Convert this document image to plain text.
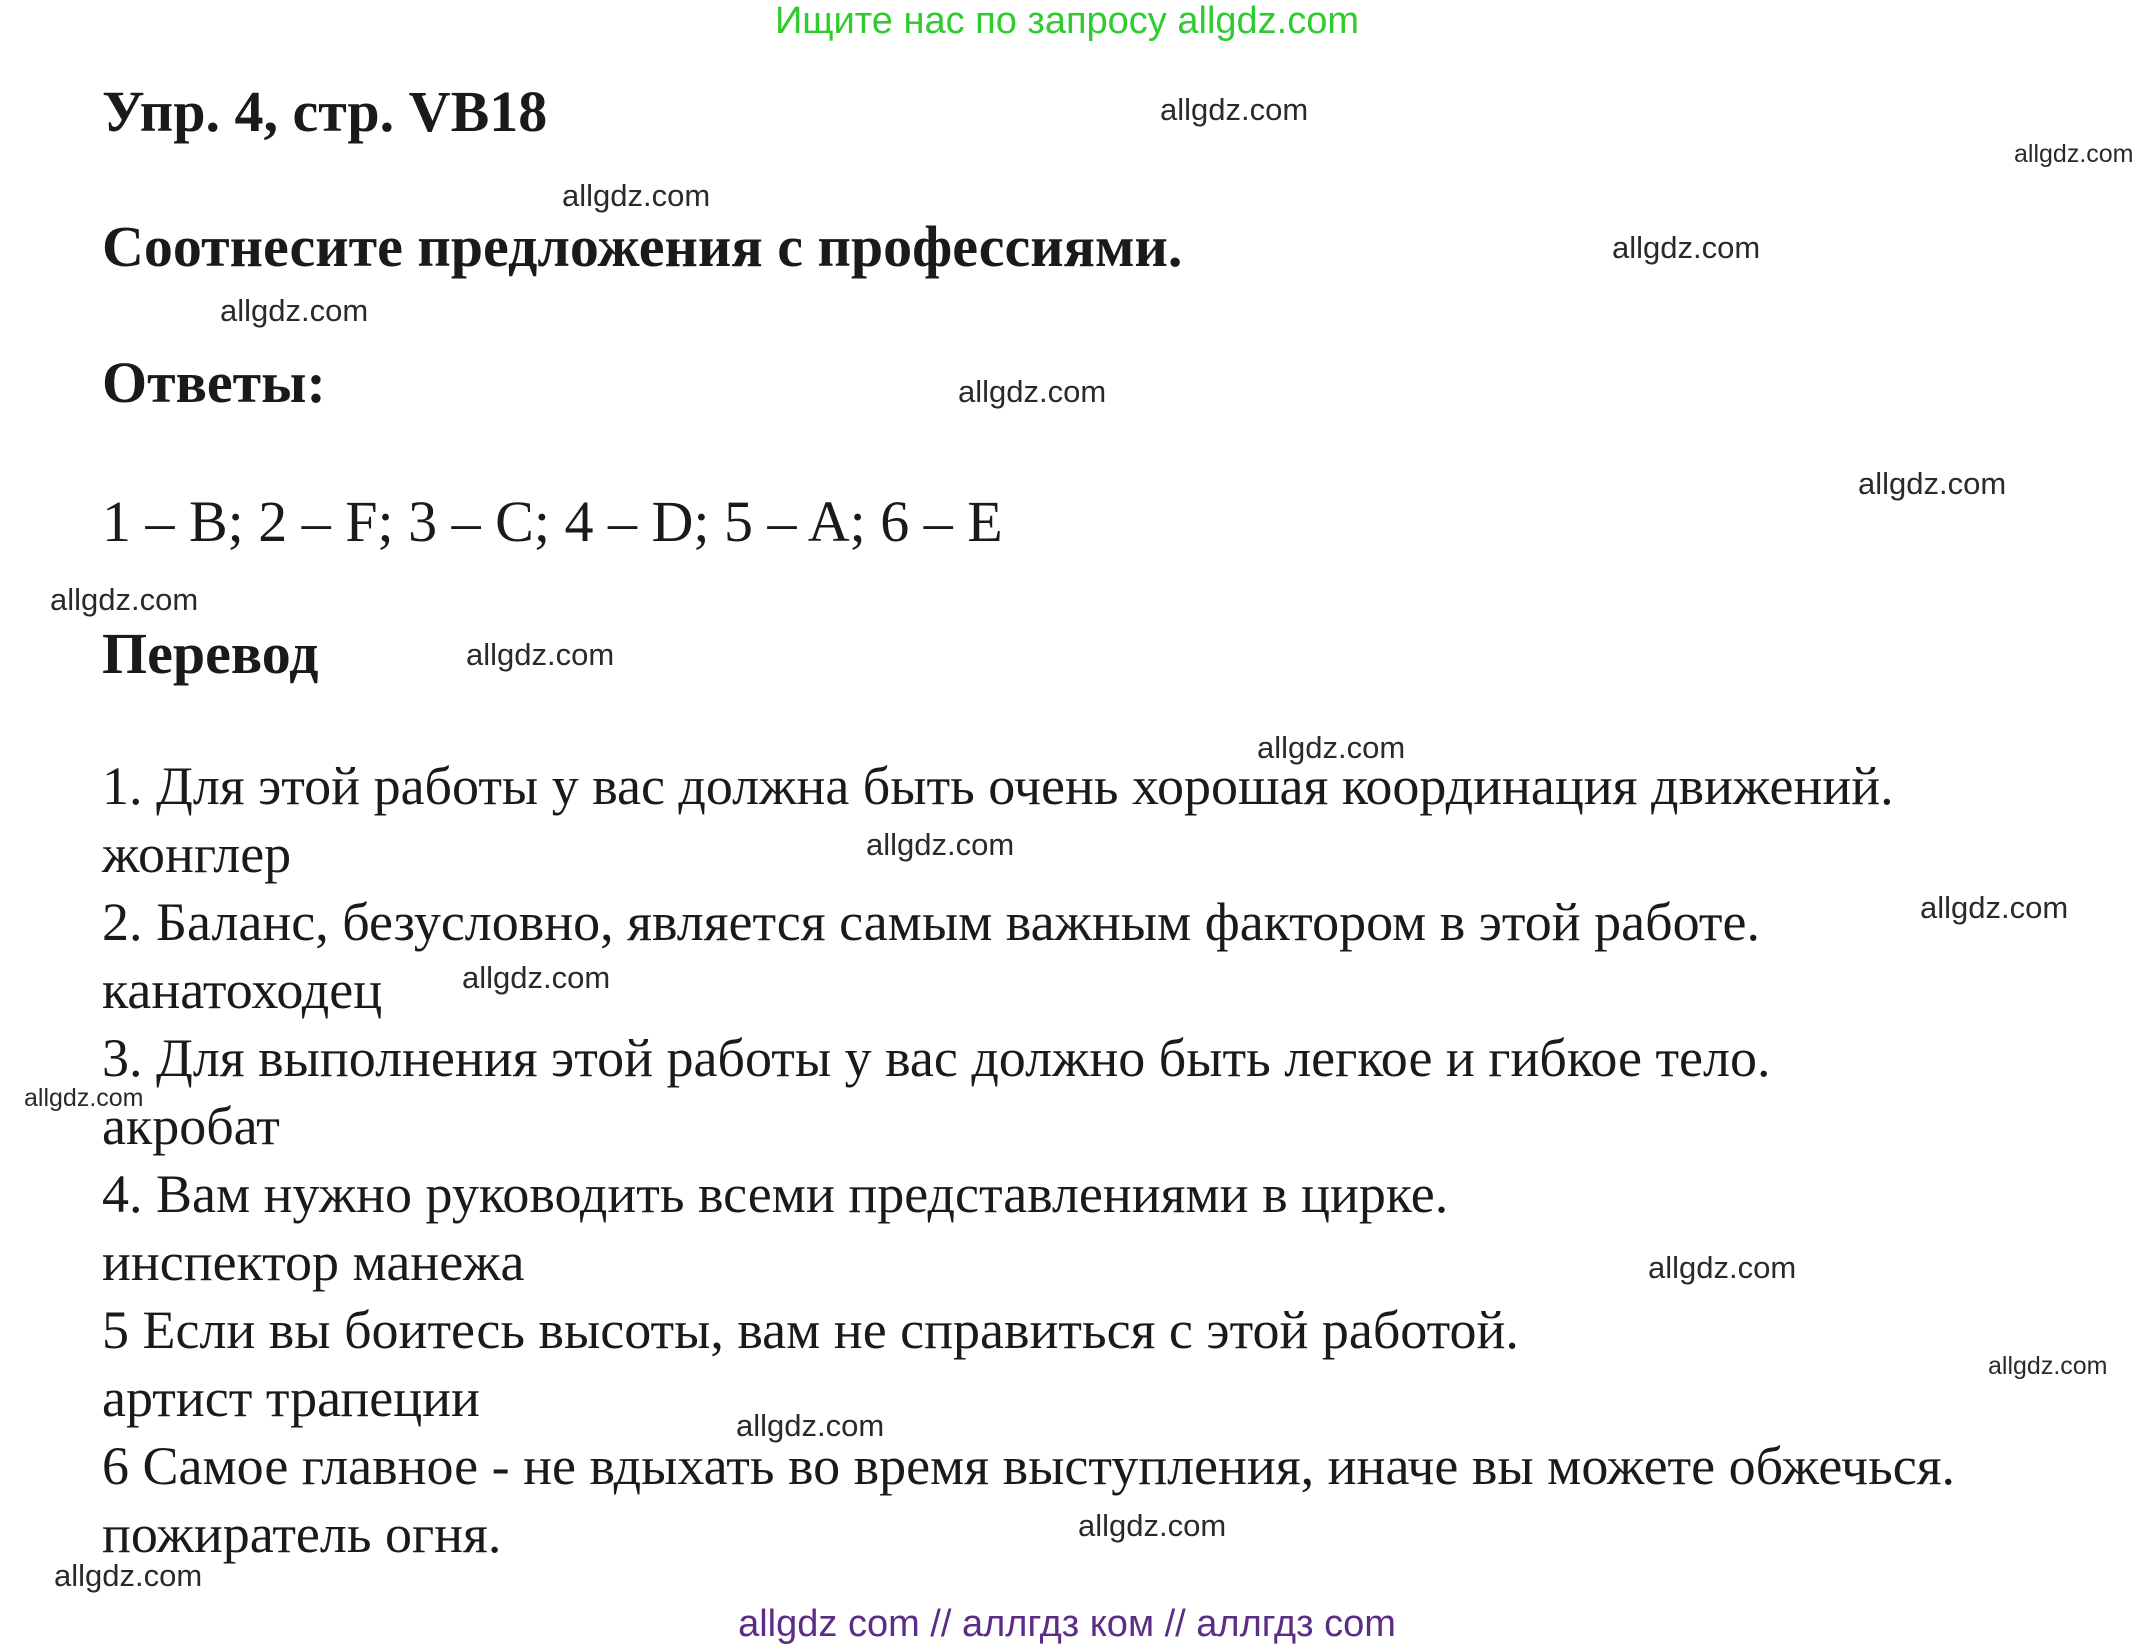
Ищите нас по запросу allgdz.com
Упр. 4, стр. VB18
Соотнесите предложения с профессиями.
Ответы:
1 – B; 2 – F; 3 – C; 4 – D; 5 – A; 6 – E
Перевод
1. Для этой работы у вас должна быть очень хорошая координация движений.
жонглер
2. Баланс, безусловно, является самым важным фактором в этой работе.
канатоходец
3. Для выполнения этой работы у вас должно быть легкое и гибкое тело.
акробат
4. Вам нужно руководить всеми представлениями в цирке.
инспектор манежа
5 Если вы боитесь высоты, вам не справиться с этой работой.
артист трапеции
6 Самое главное - не вдыхать во время выступления, иначе вы можете обжечься.
пожиратель огня.
allgdz.com
allgdz.com
allgdz.com
allgdz.com
allgdz.com
allgdz.com
allgdz.com
allgdz.com
allgdz.com
allgdz.com
allgdz.com
allgdz.com
allgdz.com
allgdz.com
allgdz.com
allgdz.com
allgdz.com
allgdz.com
allgdz.com
allgdz com // аллгдз ком // аллгдз com
